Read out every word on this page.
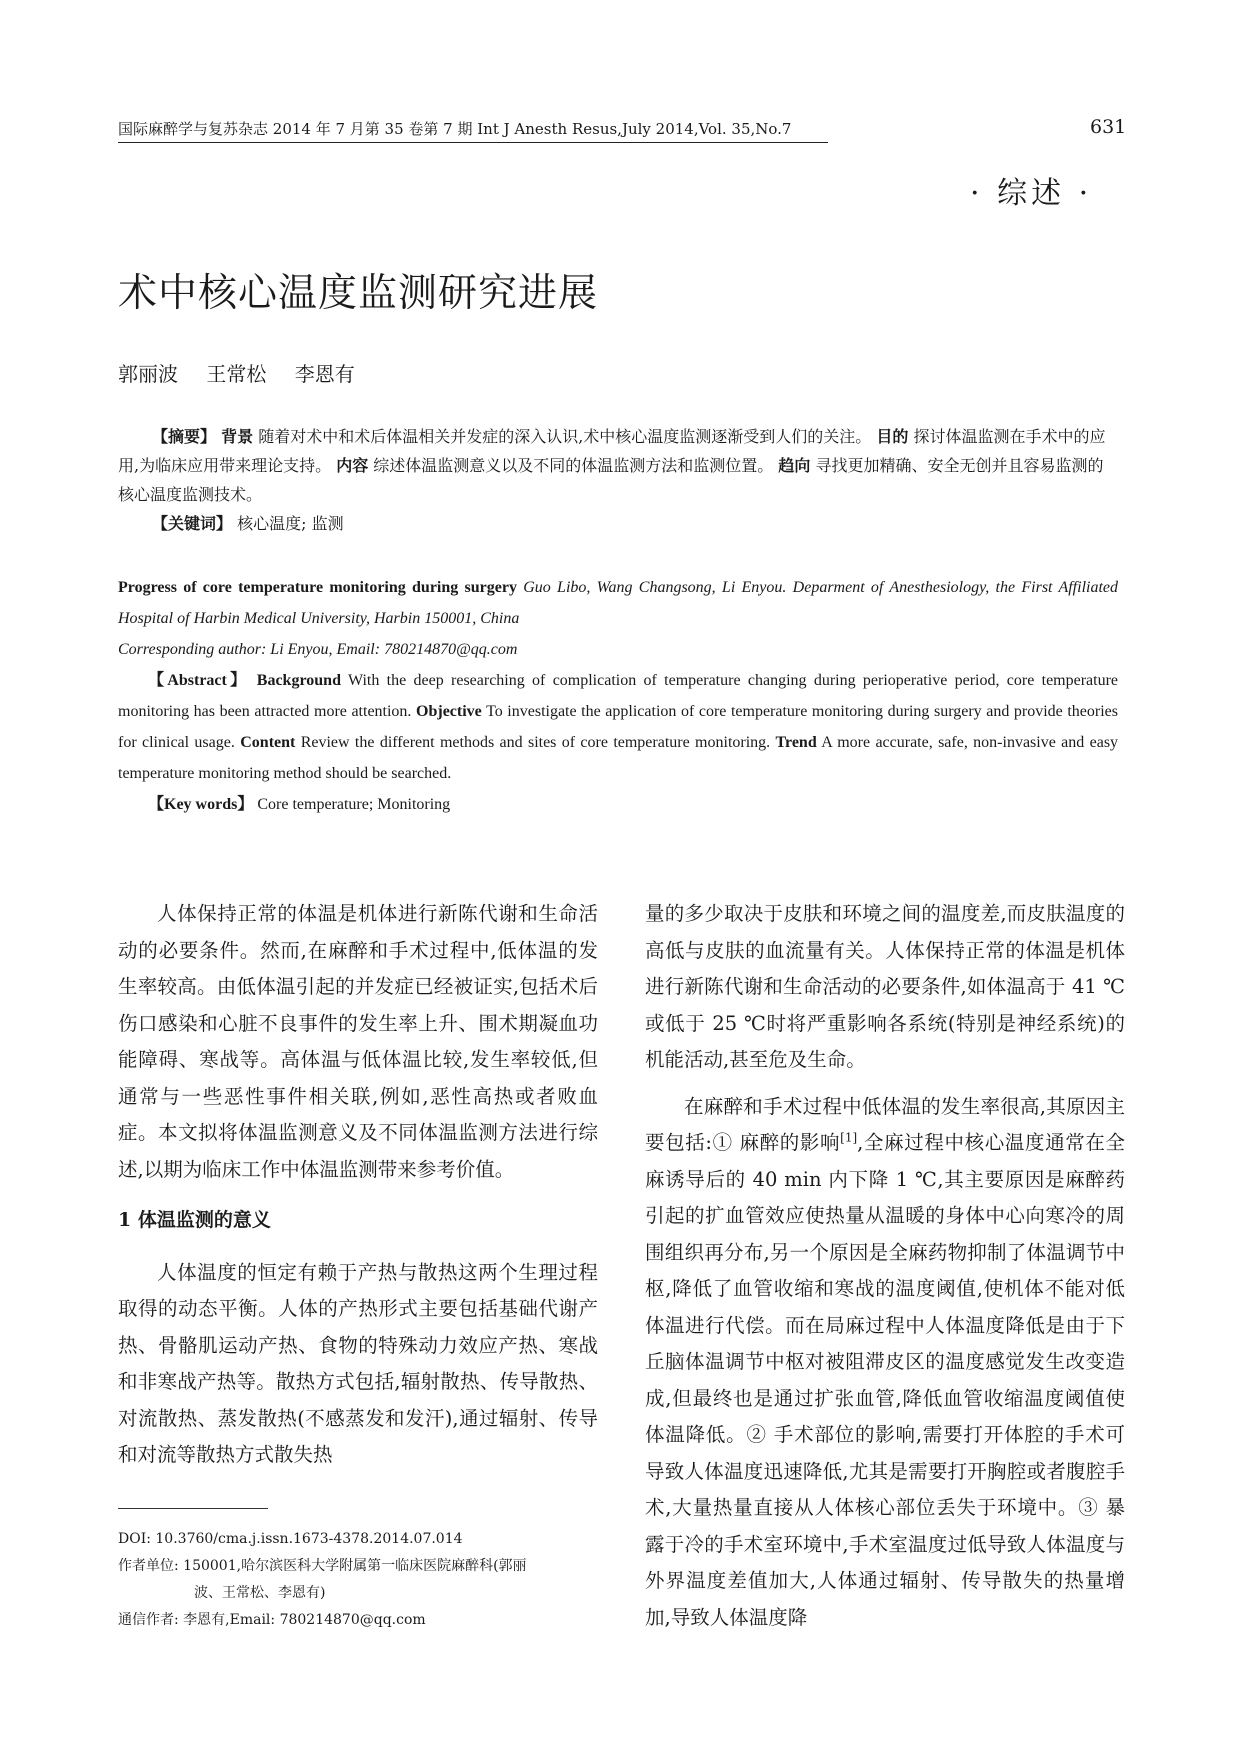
国际麻醉学与复苏杂志 2014 年 7 月第 35 卷第 7 期 Int J Anesth Resus,July 2014,Vol. 35,No.7	631
· 综述 ·
术中核心温度监测研究进展
郭丽波 王常松 李恩有

【摘要】 背景 随着对术中和术后体温相关并发症的深入认识,术中核心温度监测逐渐受到人们的关注。 目的 探讨体温监测在手术中的应用,为临床应用带来理论支持。 内容 综述体温监测意义以及不同的体温监测方法和监测位置。 趋向 寻找更加精确、安全无创并且容易监测的核心温度监测技术。

【关键词】 核心温度; 监测

Progress of core temperature monitoring during surgery Guo Libo, Wang Changsong, Li Enyou. Deparment of Anesthesiology, the First Affiliated Hospital of Harbin Medical University, Harbin 150001, China

Corresponding author: Li Enyou, Email: 780214870@qq.com

【Abstract】 Background With the deep researching of complication of temperature changing during perioperative period, core temperature monitoring has been attracted more attention. Objective To investigate the application of core temperature monitoring during surgery and provide theories for clinical usage. Content Review the different methods and sites of core temperature monitoring. Trend A more accurate, safe, non-invasive and easy temperature monitoring method should be searched.

【Key words】 Core temperature; Monitoring

人体保持正常的体温是机体进行新陈代谢和生命活动的必要条件。然而,在麻醉和手术过程中,低体温的发生率较高。由低体温引起的并发症已经被证实,包括术后伤口感染和心脏不良事件的发生率上升、围术期凝血功能障碍、寒战等。高体温与低体温比较,发生率较低,但通常与一些恶性事件相关联,例如,恶性高热或者败血症。本文拟将体温监测意义及不同体温监测方法进行综述,以期为临床工作中体温监测带来参考价值。

1 体温监测的意义

人体温度的恒定有赖于产热与散热这两个生理过程取得的动态平衡。人体的产热形式主要包括基础代谢产热、骨骼肌运动产热、食物的特殊动力效应产热、寒战和非寒战产热等。散热方式包括,辐射散热、传导散热、对流散热、蒸发散热(不感蒸发和发汗),通过辐射、传导和对流等散热方式散失热

量的多少取决于皮肤和环境之间的温度差,而皮肤温度的高低与皮肤的血流量有关。人体保持正常的体温是机体进行新陈代谢和生命活动的必要条件,如体温高于 41 ℃或低于 25 ℃时将严重影响各系统(特别是神经系统)的机能活动,甚至危及生命。

在麻醉和手术过程中低体温的发生率很高,其原因主要包括:① 麻醉的影响[1],全麻过程中核心温度通常在全麻诱导后的 40 min 内下降 1 ℃,其主要原因是麻醉药引起的扩血管效应使热量从温暖的身体中心向寒冷的周围组织再分布,另一个原因是全麻药物抑制了体温调节中枢,降低了血管收缩和寒战的温度阈值,使机体不能对低体温进行代偿。而在局麻过程中人体温度降低是由于下丘脑体温调节中枢对被阻滞皮区的温度感觉发生改变造成,但最终也是通过扩张血管,降低血管收缩温度阈值使体温降低。② 手术部位的影响,需要打开体腔的手术可导致人体温度迅速降低,尤其是需要打开胸腔或者腹腔手术,大量热量直接从人体核心部位丢失于环境中。③ 暴露于冷的手术室环境中,手术室温度过低导致人体温度与外界温度差值加大,人体通过辐射、传导散失的热量增加,导致人体温度降

DOI: 10.3760/cma.j.issn.1673-4378.2014.07.014

作者单位: 150001,哈尔滨医科大学附属第一临床医院麻醉科(郭丽

波、王常松、李恩有)

通信作者: 李恩有,Email: 780214870@qq.com
